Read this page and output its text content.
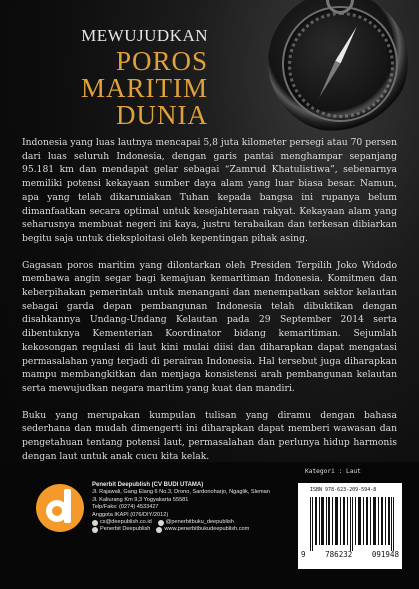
MEWUJUDKAN
POROS
MARITIM
DUNIA

Indonesia yang luas lautnya mencapai 5,8 juta kilometer persegi atau 70 persen dari luas seluruh Indonesia, dengan garis pantai menghampar sepanjang 95.181 km dan mendapat gelar sebagai “Zamrud Khatulistiwa”, sebenarnya memiliki potensi kekayaan sumber daya alam yang luar biasa besar. Namun, apa yang telah dikaruniakan Tuhan kepada bangsa ini rupanya belum dimanfaatkan secara optimal untuk kesejahteraan rakyat. Kekayaan alam yang seharusnya membuat negeri ini kaya, justru terabaikan dan terkesan dibiarkan begitu saja untuk dieksploitasi oleh kepentingan pihak asing.

Gagasan poros maritim yang dilontarkan oleh Presiden Terpilih Joko Widodo membawa angin segar bagi kemajuan kemaritiman Indonesia. Komitmen dan keberpihakan pemerintah untuk menangani dan menempatkan sektor kelautan sebagai garda depan pembangunan Indonesia telah dibuktikan dengan disahkannya Undang-Undang Kelautan pada 29 September 2014 serta dibentuknya Kementerian Koordinator bidang kemaritiman. Sejumlah kekosongan regulasi di laut kini mulai diisi dan diharapkan dapat mengatasi permasalahan yang terjadi di perairan Indonesia. Hal tersebut juga diharapkan mampu membangkitkan dan menjaga konsistensi arah pembangunan kelautan serta mewujudkan negara maritim yang kuat dan mandiri.

Buku yang merupakan kumpulan tulisan yang diramu dengan bahasa sederhana dan mudah dimengerti ini diharapkan dapat memberi wawasan dan pengetahuan tentang potensi laut, permasalahan dan perlunya hidup harmonis dengan laut untuk anak cucu kita kelak.

Penerbit Deepublish (CV BUDI UTAMA)
Jl. Rajawali, Gang Elang 6 No.3, Drono, Sardonoharjo, Ngaglik, Sleman
Jl. Kaliurang Km 9,3 Yogyakarta 55581
Telp/Faks: (0274) 4533427
Anggota IKAPI (076/DIY/2012)
cs@deepublish.co.id	@penerbitbuku_deepublish
Penerbit Deepublish	www.penerbitbukudeepublish.com
Kategori : Laut
ISBN 978-623-209-594-8
9	786232	091948
